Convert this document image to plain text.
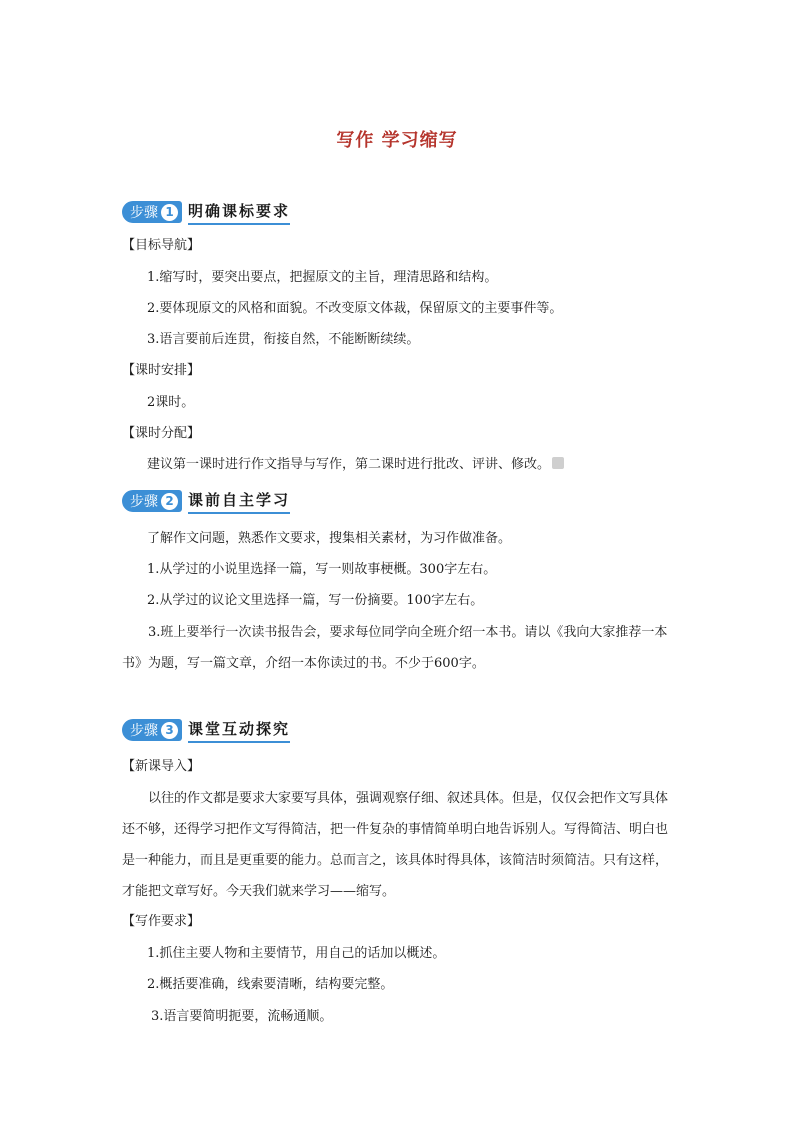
写作 学习缩写
步骤 1 明确课标要求
【目标导航】
1.缩写时，要突出要点，把握原文的主旨，理清思路和结构。
2.要体现原文的风格和面貌。不改变原文体裁，保留原文的主要事件等。
3.语言要前后连贯，衔接自然，不能断断续续。
【课时安排】
2课时。
【课时分配】
建议第一课时进行作文指导与写作，第二课时进行批改、评讲、修改。
步骤 2 课前自主学习
了解作文问题，熟悉作文要求，搜集相关素材，为习作做准备。
1.从学过的小说里选择一篇，写一则故事梗概。300字左右。
2.从学过的议论文里选择一篇，写一份摘要。100字左右。
3.班上要举行一次读书报告会，要求每位同学向全班介绍一本书。请以《我向大家推荐一本书》为题，写一篇文章，介绍一本你读过的书。不少于600字。
步骤 3 课堂互动探究
【新课导入】
以往的作文都是要求大家要写具体，强调观察仔细、叙述具体。但是，仅仅会把作文写具体还不够，还得学习把作文写得简洁，把一件复杂的事情简单明白地告诉别人。写得简洁、明白也是一种能力，而且是更重要的能力。总而言之，该具体时得具体，该简洁时须简洁。只有这样，才能把文章写好。今天我们就来学习——缩写。
【写作要求】
1.抓住主要人物和主要情节，用自己的话加以概述。
2.概括要准确，线索要清晰，结构要完整。
3.语言要简明扼要，流畅通顺。
